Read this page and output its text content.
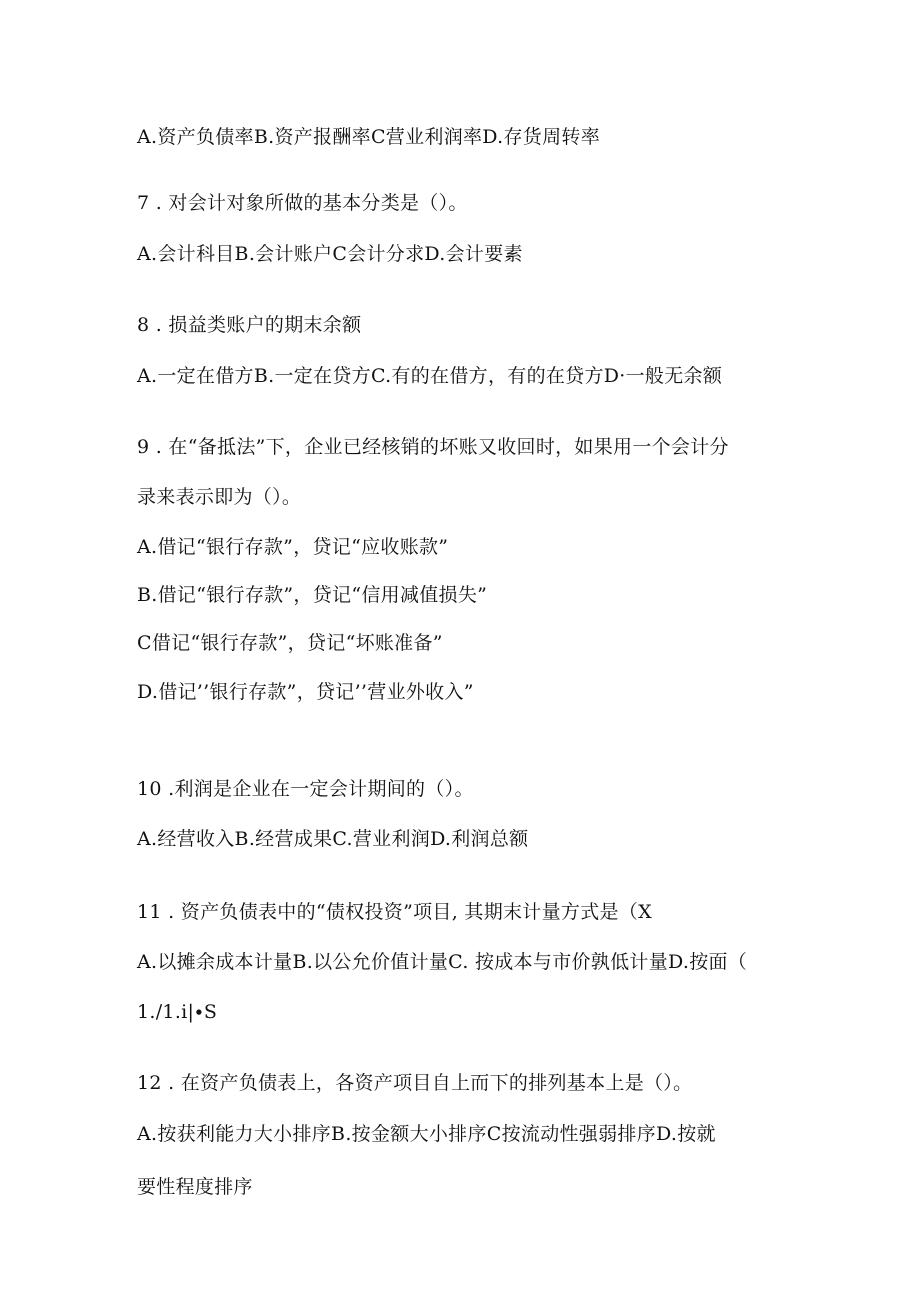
A.资产负债率B.资产报酬率C营业利润率D.存货周转率
7 . 对会计对象所做的基本分类是（）。
A.会计科目B.会计账户C会计分求D.会计要素
8 . 损益类账户的期末余额
A.一定在借方B.一定在贷方C.有的在借方，有的在贷方D·一般无余额
9 . 在“备抵法”下，企业已经核销的坏账又收回时，如果用一个会计分
录来表示即为（）。
A.借记“银行存款”，贷记“应收账款”
B.借记“银行存款”，贷记“信用减值损失”
C借记“银行存款”，贷记“坏账准备”
D.借记’’银行存款”，贷记’’营业外收入”
10 .利润是企业在一定会计期间的（）。
A.经营收入B.经营成果C.营业利润D.利润总额
11 . 资产负债表中的“债权投资”项目, 其期末计量方式是（X
A.以摊余成本计量B.以公允价值计量C. 按成本与市价孰低计量D.按面（
1.∕1.i|∙S
12 . 在资产负债表上，各资产项目自上而下的排列基本上是（）。
A.按获利能力大小排序B.按金额大小排序C按流动性强弱排序D.按就
要性程度排序
